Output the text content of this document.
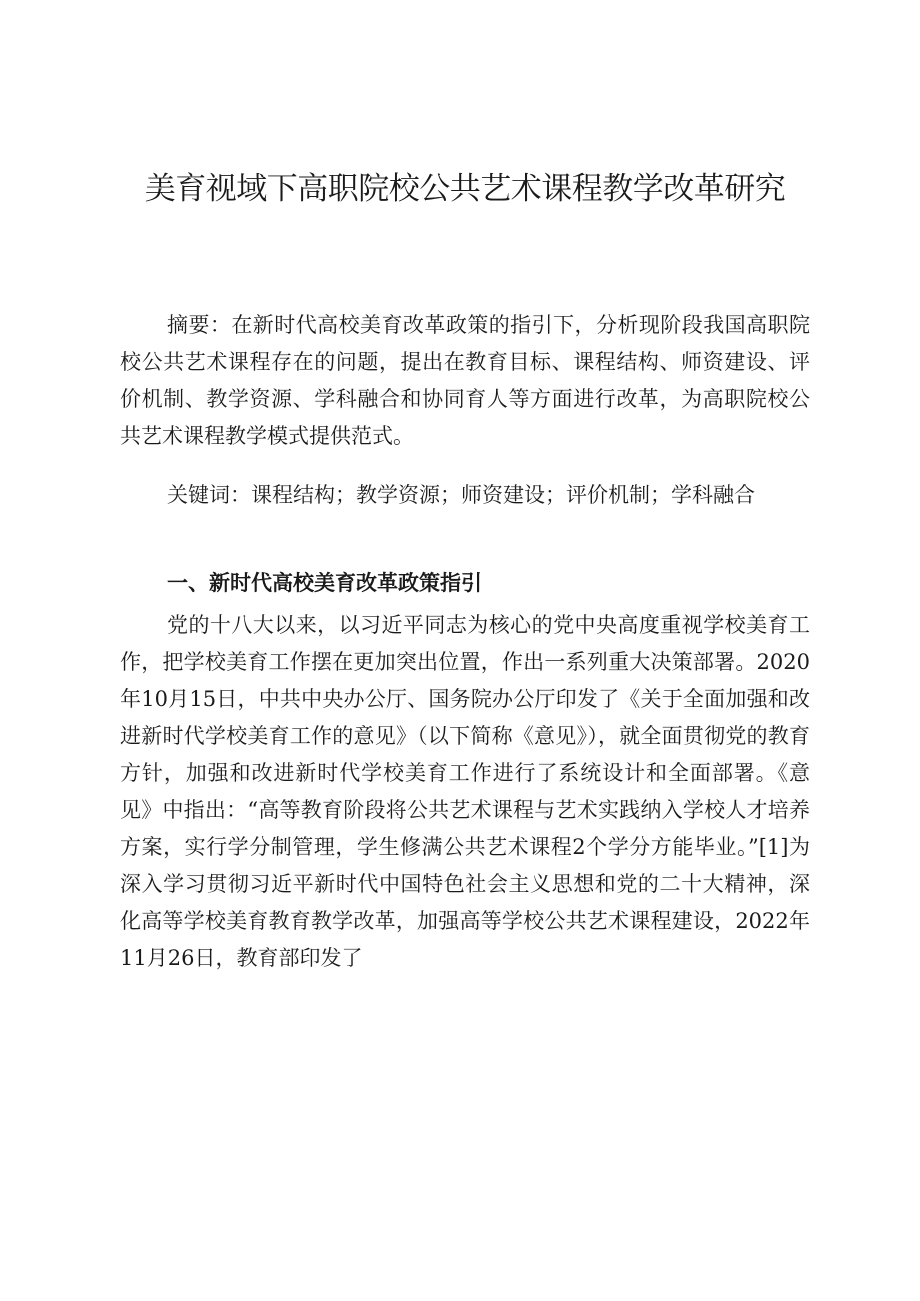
美育视域下高职院校公共艺术课程教学改革研究

摘要：在新时代高校美育改革政策的指引下，分析现阶段我国高职院校公共艺术课程存在的问题，提出在教育目标、课程结构、师资建设、评价机制、教学资源、学科融合和协同育人等方面进行改革，为高职院校公共艺术课程教学模式提供范式。

关键词：课程结构；教学资源；师资建设；评价机制；学科融合

一、新时代高校美育改革政策指引

党的十八大以来，以习近平同志为核心的党中央高度重视学校美育工作，把学校美育工作摆在更加突出位置，作出一系列重大决策部署。2020年10月15日，中共中央办公厅、国务院办公厅印发了《关于全面加强和改进新时代学校美育工作的意见》（以下简称《意见》），就全面贯彻党的教育方针，加强和改进新时代学校美育工作进行了系统设计和全面部署。《意见》中指出：“高等教育阶段将公共艺术课程与艺术实践纳入学校人才培养方案，实行学分制管理，学生修满公共艺术课程2个学分方能毕业。”[1]为深入学习贯彻习近平新时代中国特色社会主义思想和党的二十大精神，深化高等学校美育教育教学改革，加强高等学校公共艺术课程建设，2022年11月26日，教育部印发了
